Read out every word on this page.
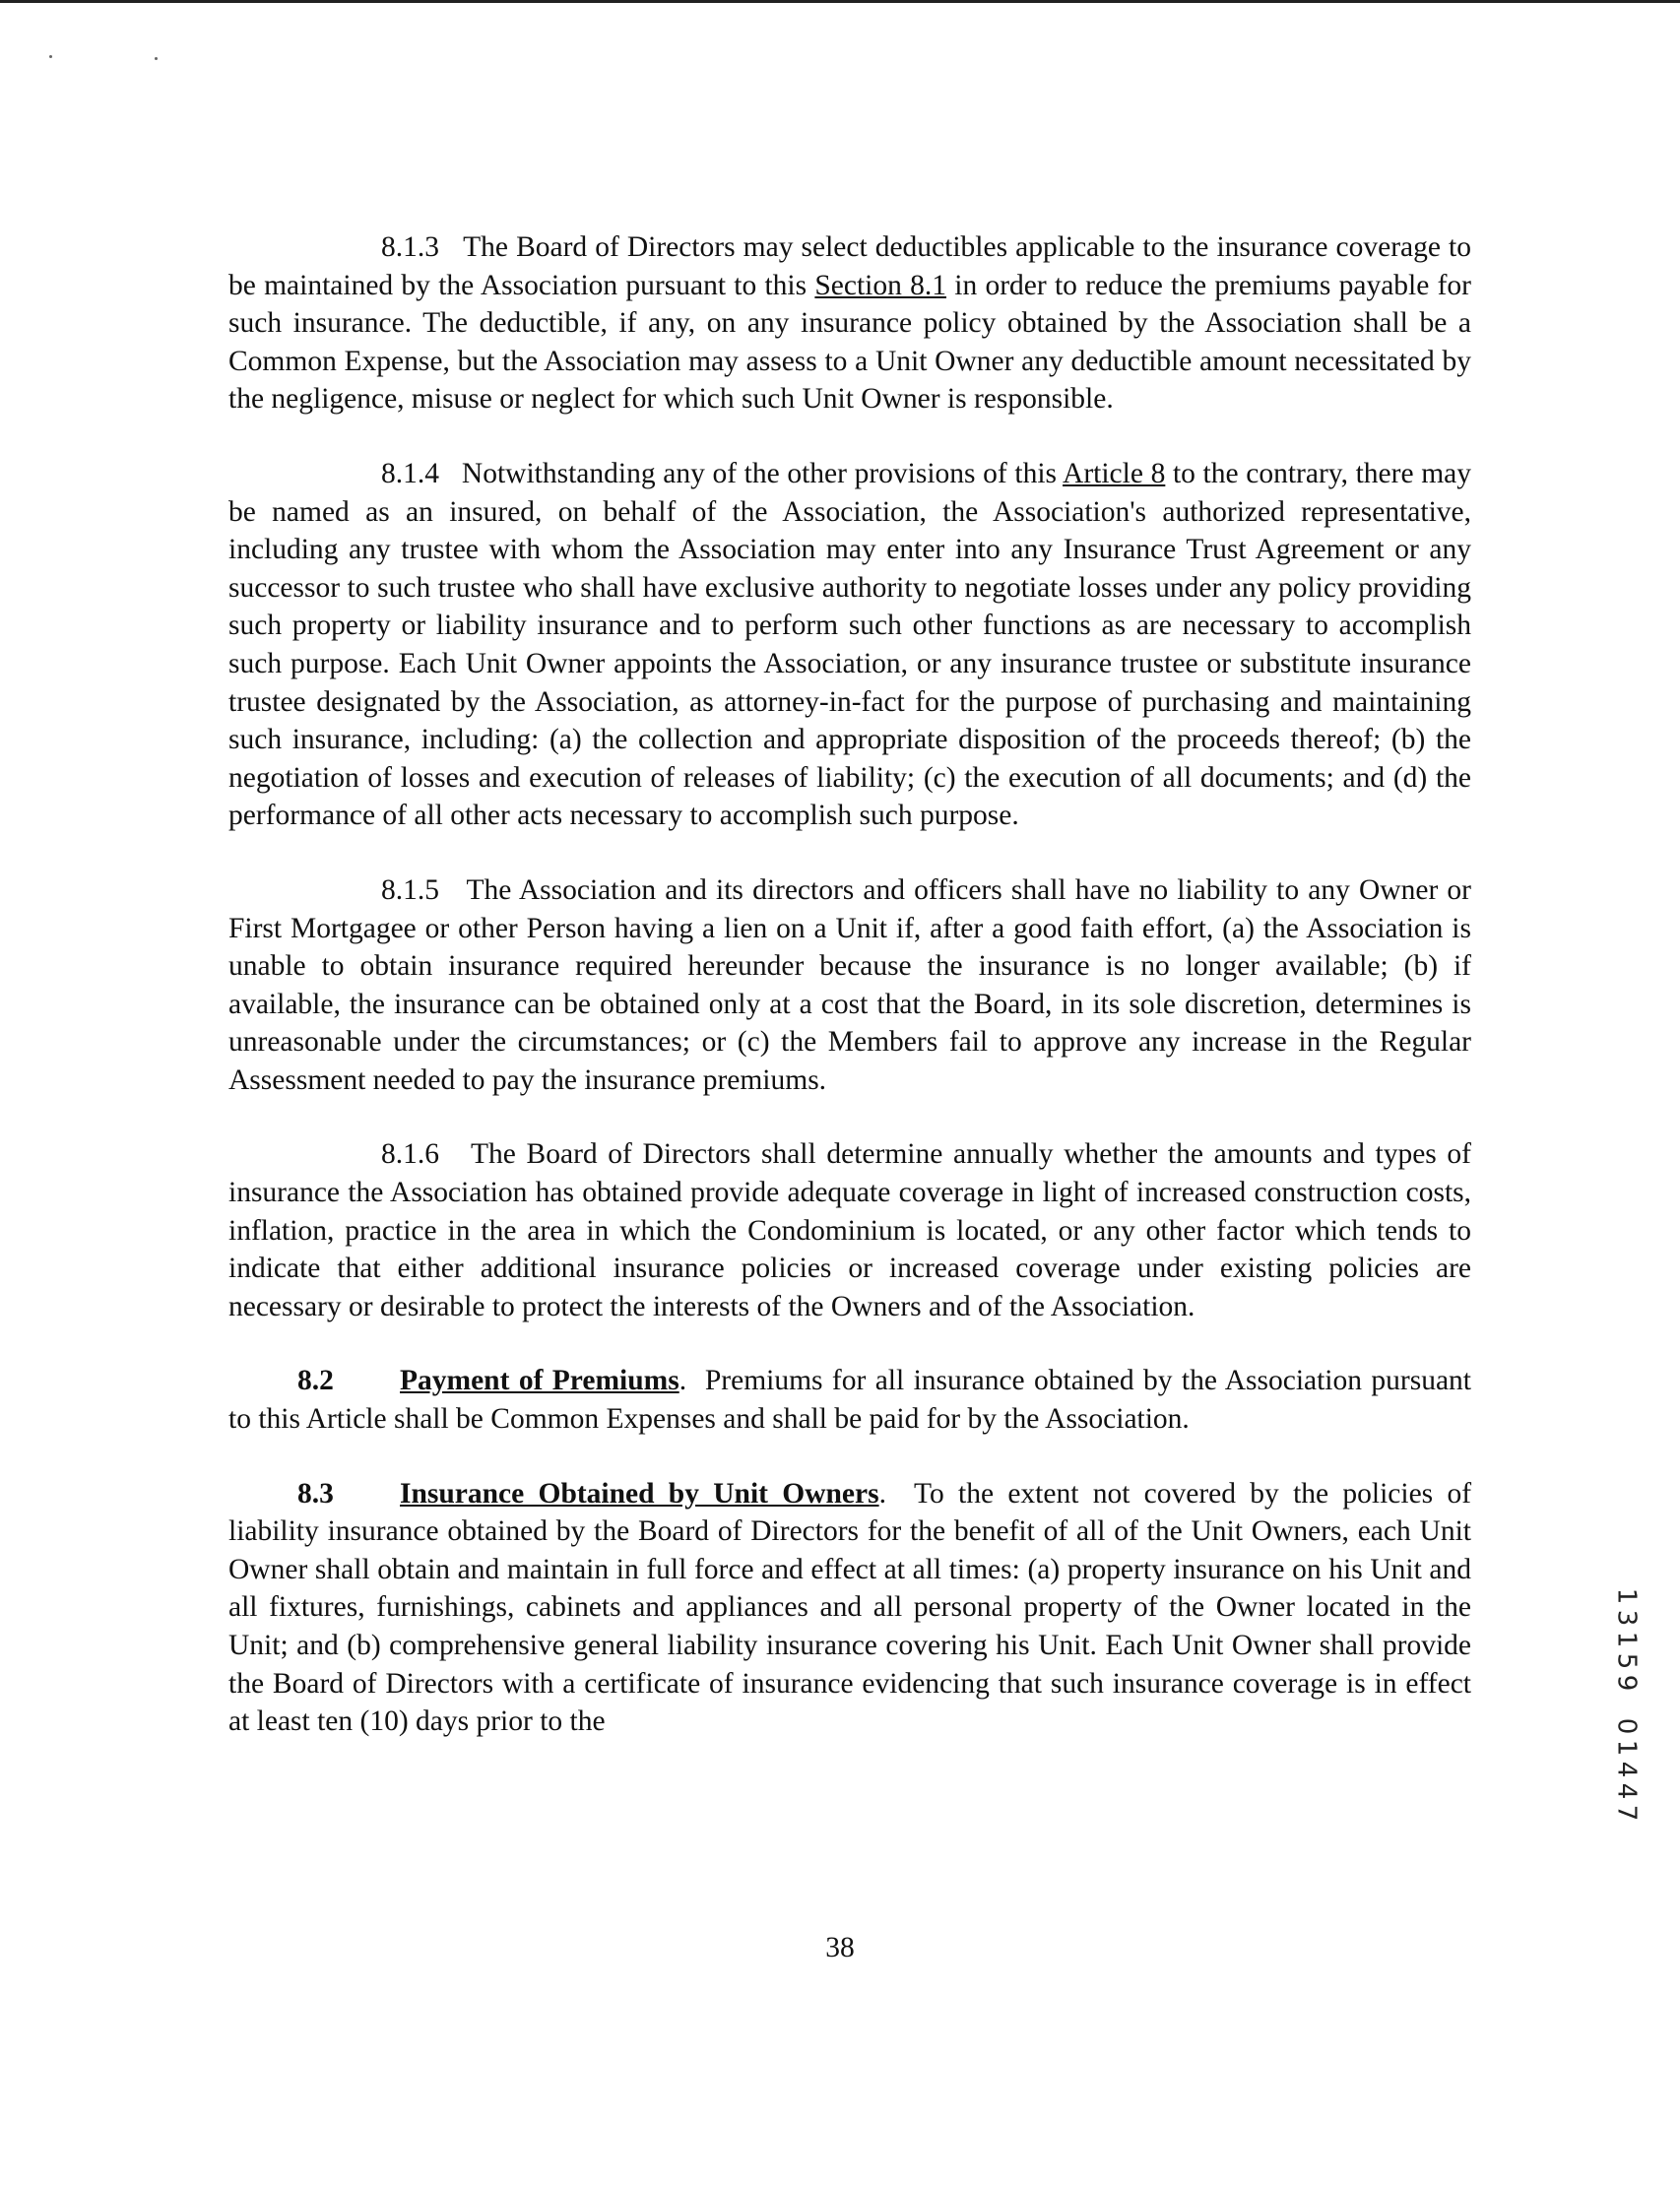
8.1.3 The Board of Directors may select deductibles applicable to the insurance coverage to be maintained by the Association pursuant to this Section 8.1 in order to reduce the premiums payable for such insurance. The deductible, if any, on any insurance policy obtained by the Association shall be a Common Expense, but the Association may assess to a Unit Owner any deductible amount necessitated by the negligence, misuse or neglect for which such Unit Owner is responsible.

8.1.4 Notwithstanding any of the other provisions of this Article 8 to the contrary, there may be named as an insured, on behalf of the Association, the Association's authorized representative, including any trustee with whom the Association may enter into any Insurance Trust Agreement or any successor to such trustee who shall have exclusive authority to negotiate losses under any policy providing such property or liability insurance and to perform such other functions as are necessary to accomplish such purpose. Each Unit Owner appoints the Association, or any insurance trustee or substitute insurance trustee designated by the Association, as attorney-in-fact for the purpose of purchasing and maintaining such insurance, including: (a) the collection and appropriate disposition of the proceeds thereof; (b) the negotiation of losses and execution of releases of liability; (c) the execution of all documents; and (d) the performance of all other acts necessary to accomplish such purpose.

8.1.5 The Association and its directors and officers shall have no liability to any Owner or First Mortgagee or other Person having a lien on a Unit if, after a good faith effort, (a) the Association is unable to obtain insurance required hereunder because the insurance is no longer available; (b) if available, the insurance can be obtained only at a cost that the Board, in its sole discretion, determines is unreasonable under the circumstances; or (c) the Members fail to approve any increase in the Regular Assessment needed to pay the insurance premiums.

8.1.6 The Board of Directors shall determine annually whether the amounts and types of insurance the Association has obtained provide adequate coverage in light of increased construction costs, inflation, practice in the area in which the Condominium is located, or any other factor which tends to indicate that either additional insurance policies or increased coverage under existing policies are necessary or desirable to protect the interests of the Owners and of the Association.

8.2 Payment of Premiums. Premiums for all insurance obtained by the Association pursuant to this Article shall be Common Expenses and shall be paid for by the Association.

8.3 Insurance Obtained by Unit Owners. To the extent not covered by the policies of liability insurance obtained by the Board of Directors for the benefit of all of the Unit Owners, each Unit Owner shall obtain and maintain in full force and effect at all times: (a) property insurance on his Unit and all fixtures, furnishings, cabinets and appliances and all personal property of the Owner located in the Unit; and (b) comprehensive general liability insurance covering his Unit. Each Unit Owner shall provide the Board of Directors with a certificate of insurance evidencing that such insurance coverage is in effect at least ten (10) days prior to the

38
1
3
1
5
9
0
1
4
4
7
